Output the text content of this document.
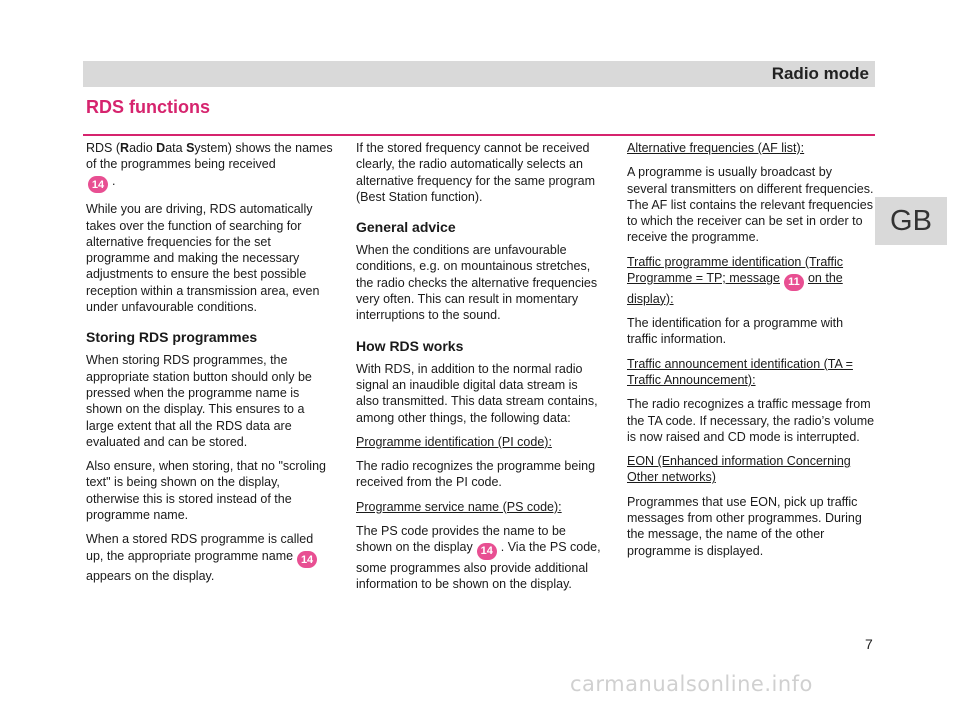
Radio mode
RDS functions
GB

RDS (Radio Data System) shows the names of the programmes being received
14 .

While you are driving, RDS automatically takes over the function of searching for alternative frequencies for the set programme and making the necessary adjustments to ensure the best possible reception within a transmission area, even under unfavourable conditions.

Storing RDS programmes

When storing RDS programmes, the appropriate station button should only be pressed when the programme name is shown on the display. This ensures to a large extent that all the RDS data are evaluated and can be stored.

Also ensure, when storing, that no "scroling text" is being shown on the display, otherwise this is stored instead of the programme name.

When a stored RDS programme is called up, the appropriate programme name 14appears on the display.

If the stored frequency cannot be received clearly, the radio automatically selects an alternative frequency for the same program (Best Station function).

General advice

When the conditions are unfavourable conditions, e.g. on mountainous stretches, the radio checks the alternative frequencies very often. This can result in momentary interruptions to the sound.

How RDS works

With RDS, in addition to the normal radio signal an inaudible digital data stream is also transmitted. This data stream contains, among other things, the following data:

Programme identification (PI code):

The radio recognizes the programme being received from the PI code.

Programme service name (PS code):

The PS code provides the name to be shown on the display 14 . Via the PS code, some programmes also provide additional information to be shown on the display.

Alternative frequencies (AF list):

A programme is usually broadcast by several transmitters on different frequencies. The AF list contains the relevant frequencies to which the receiver can be set in order to receive the programme.

Traffic programme identification (Traffic Programme = TP; message 11 on the display):

The identification for a programme with traffic information.

Traffic announcement identification (TA = Traffic Announcement):

The radio recognizes a traffic message from the TA code. If necessary, the radio’s volume is now raised and CD mode is interrupted.

EON (Enhanced information Concerning Other networks)

Programmes that use EON, pick up traffic messages from other programmes. During the message, the name of the other programme is displayed.

7
carmanualsonline.info
